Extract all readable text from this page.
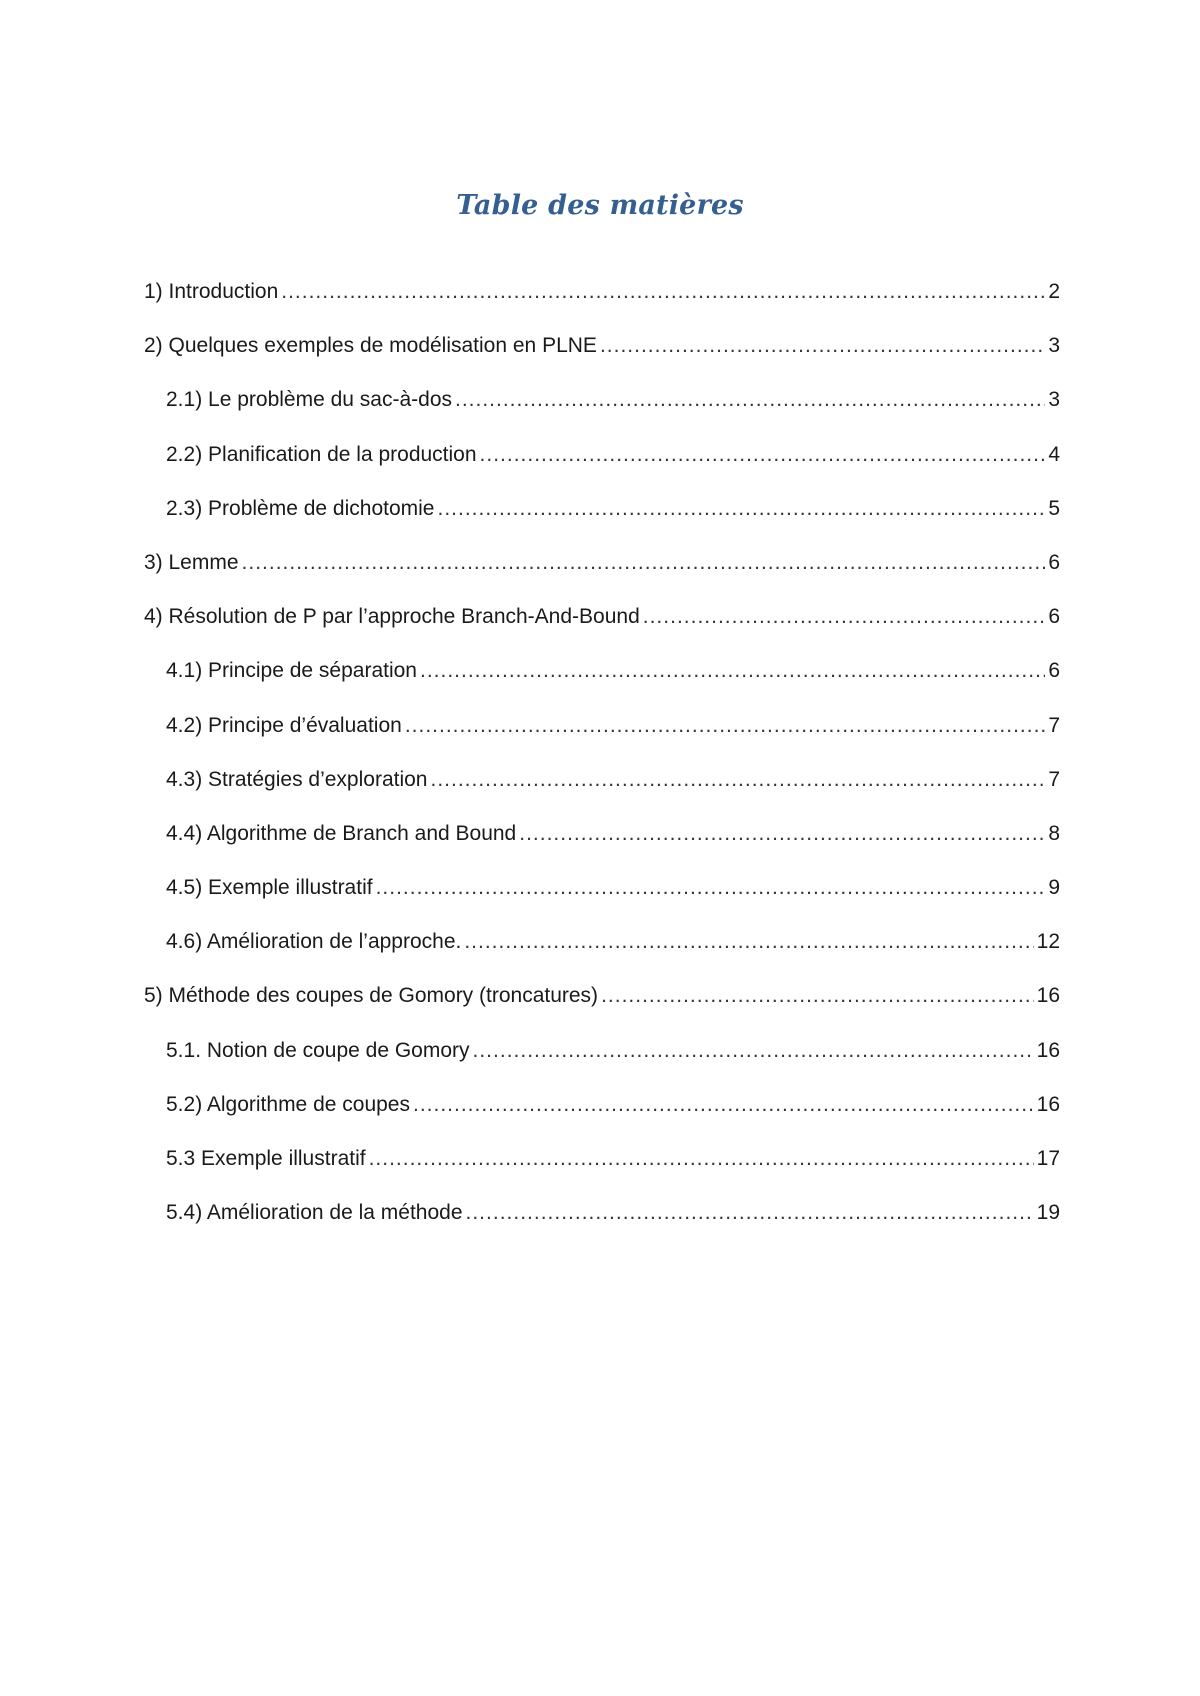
Table des matières
1) Introduction .....	2
2) Quelques exemples de modélisation en PLNE .....	3
2.1) Le problème du sac-à-dos .....	3
2.2) Planification de la production .....	4
2.3) Problème de dichotomie .....	5
3) Lemme .....	6
4) Résolution de P par l’approche Branch-And-Bound .....	6
4.1) Principe de séparation .....	6
4.2) Principe d’évaluation .....	7
4.3) Stratégies d’exploration .....	7
4.4) Algorithme de Branch and Bound .....	8
4.5) Exemple illustratif .....	9
4.6) Amélioration de l’approche. .....	12
5) Méthode des coupes de Gomory (troncatures) .....	16
5.1. Notion de coupe de Gomory .....	16
5.2) Algorithme de coupes .....	16
5.3 Exemple illustratif .....	17
5.4) Amélioration de la méthode .....	19
